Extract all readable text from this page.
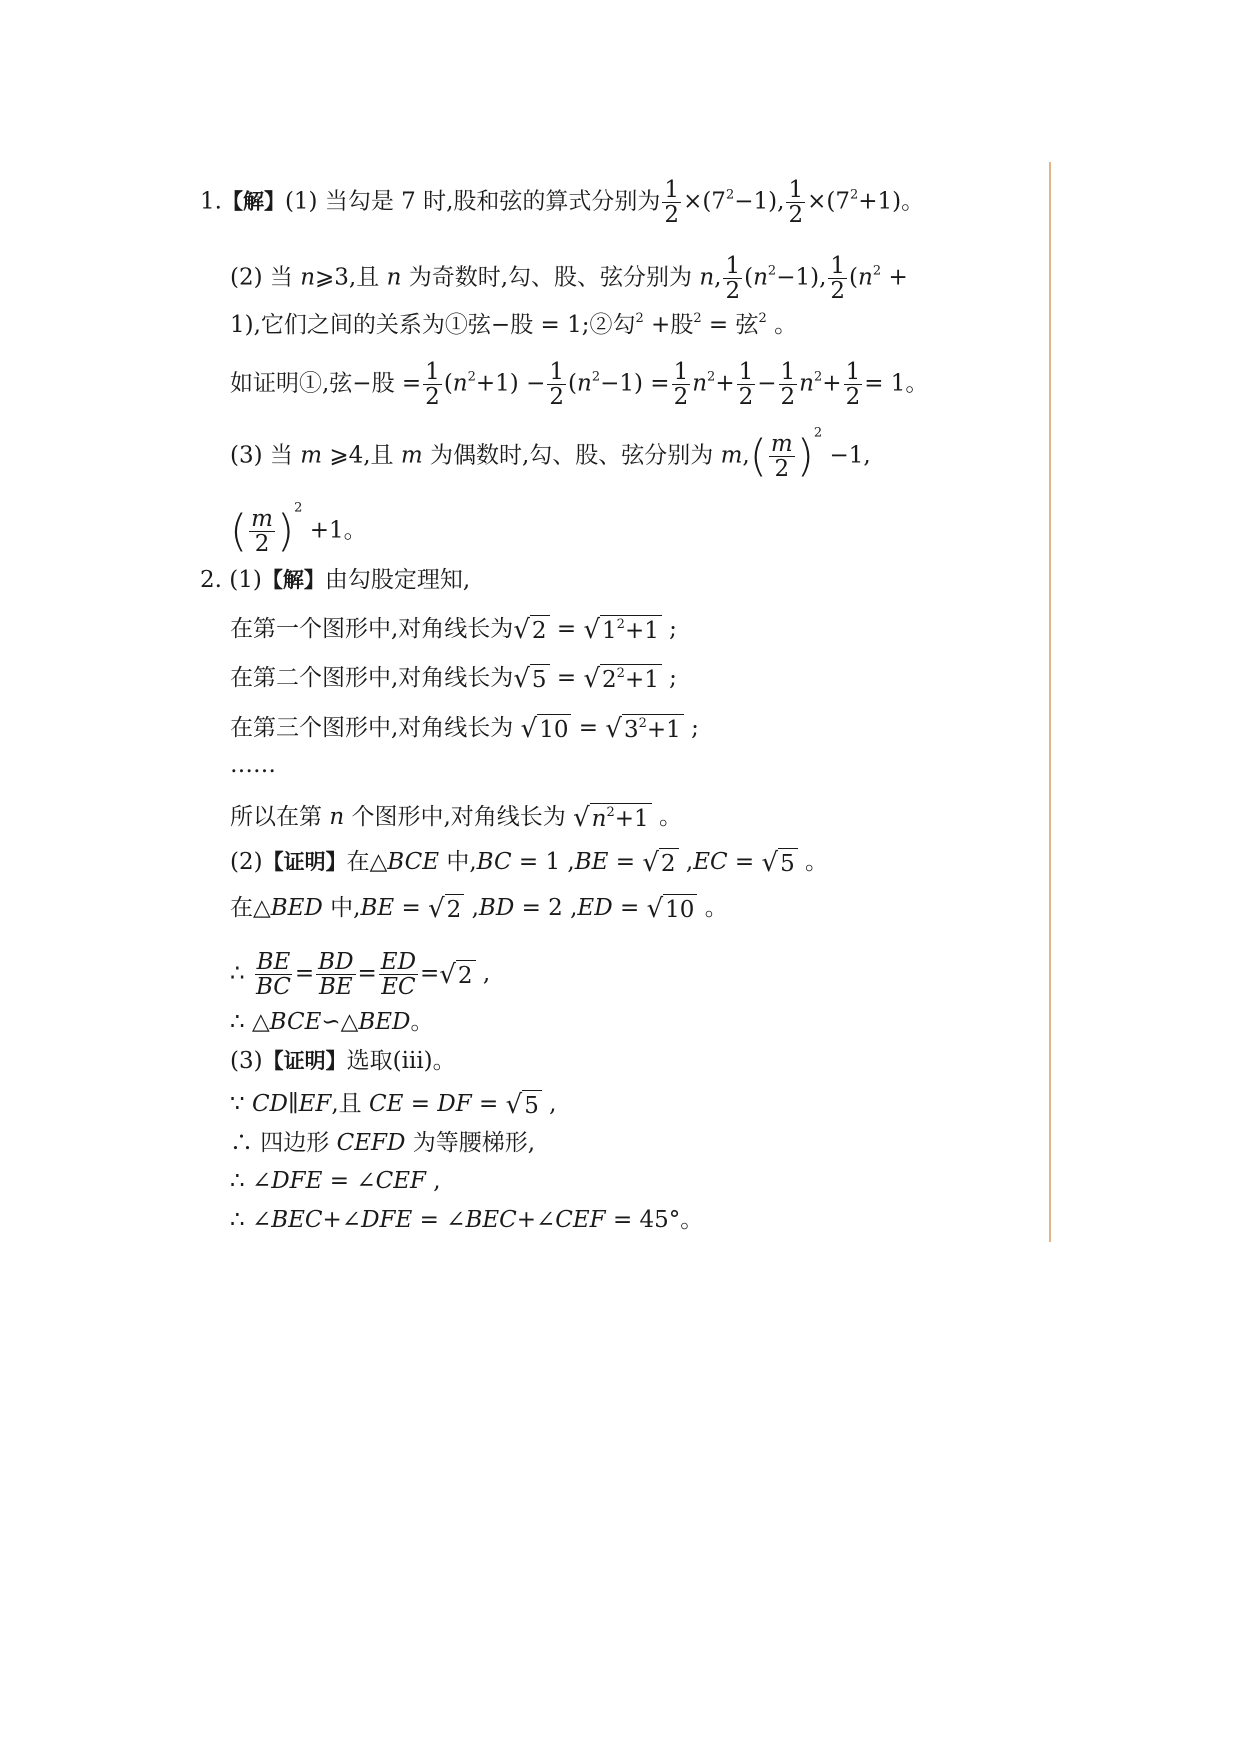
1.【解】(1) 当勾是 7 时,股和弦的算式分别为 $\frac{1}{2} \times(7^2-1)$, $\frac{1}{2} \times(7^2+1)$。
(2) 当 n⩾3,且 n 为奇数时,勾、股、弦分别为 n, $\frac{1}{2} (n^2-1)$, $\frac{1}{2} (n^2$ +
1),它们之间的关系为①弦−股 = 1;②勾$^2$ +股$^2$ = 弦$^2$ 。
如证明①,弦−股 = $\frac{1}{2} (n^2+1) - \frac{1}{2} (n^2-1) = \frac{1}{2} n^2+ \frac{1}{2} - \frac{1}{2} n^2+ \frac{1}{2} = 1$。
(3) 当 m ⩾4,且 m 为偶数时,勾、股、弦分别为 $m,( \frac{m}{2} )^2 -1$,
( $\frac{m}{2} )^2 +1$。
2. (1)【解】由勾股定理知,
在第一个图形中,对角线长为 √ 2 = √ $1^2+1$ ;
在第二个图形中,对角线长为 √ 5 = √ $2^2+1$ ;
在第三个图形中,对角线长为 √ 10 = √ $3^2+1$ ;
……
所以在第 n 个图形中,对角线长为 √ $n^2+1$ 。
(2)【证明】在△BCE 中,BC = 1 ,BE = √ 2 ,EC = √ 5 。
在△BED 中,BE = √ 2 ,BD = 2 ,ED = √ 10 。
∴ $\frac{BE}{BC} = \frac{BD}{BE} = \frac{ED}{EC}$ = √ 2 ,
∴ △BCE∽△BED。
(3)【证明】选取(ⅲ)。
∵ CD∥EF,且 CE = DF = √ 5 ,
∴ 四边形 CEFD 为等腰梯形,
∴ ∠DFE = ∠CEF ,
∴ ∠BEC+∠DFE = ∠BEC+∠CEF = 45°。
